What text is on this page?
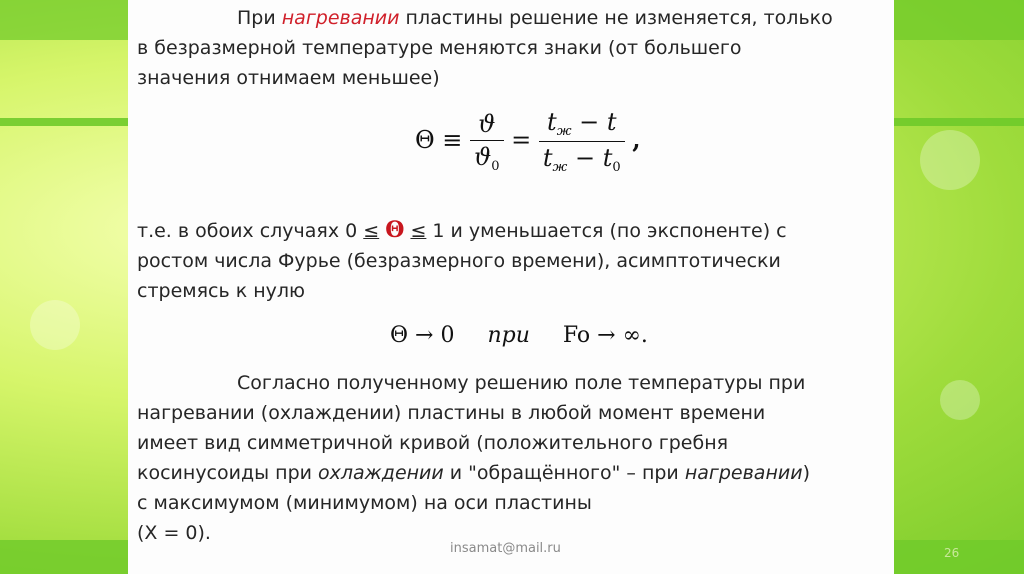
При нагревании пластины решение не изменяется, только
в безразмерной температуре меняются знаки (от большего
значения отнимаем меньшее)
$\Theta \equiv \frac{ϑ}{ϑ_0} = \frac{t_ж - t}{t_ж - t_0}$ ,
т.е. в обоих случаях 0 ≤ Θ ≤ 1 и уменьшается (по экспоненте) с
ростом числа Фурье (безразмерного времени), асимптотически
стремясь к нулю
Θ → 0 при Fo → ∞.
Согласно полученному решению поле температуры при
нагревании (охлаждении) пластины в любой момент времени
имеет вид симметричной кривой (положительного гребня
косинусоиды при охлаждении и "обращённого" – при нагревании)
с максимумом (минимумом) на оси пластины
(X = 0).
insamat@mail.ru	26
